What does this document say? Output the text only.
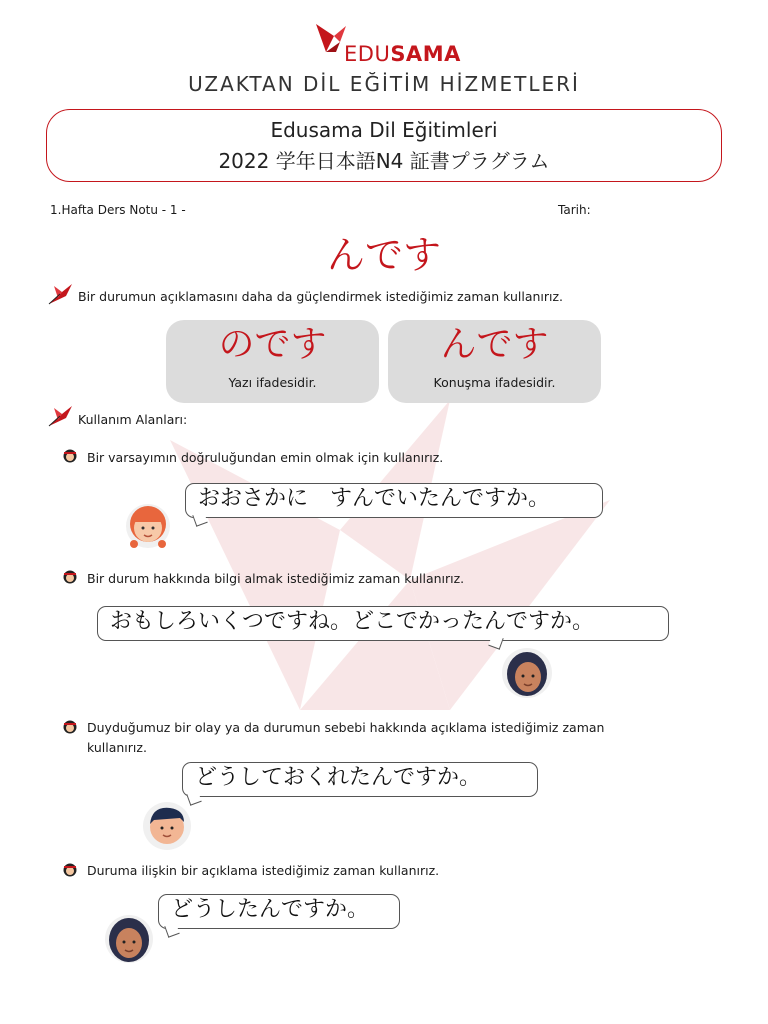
EDUSAMA
UZAKTAN DİL EĞİTİM HİZMETLERİ
Edusama Dil Eğitimleri
2022 学年日本語N4 証書プラグラム
1.Hafta Ders Notu - 1 -	Tarih:
んです
Bir durumun açıklamasını daha da güçlendirmek istediğimiz zaman kullanırız.
のです
Yazı ifadesidir.
んです
Konuşma ifadesidir.
Kullanım Alanları:
Bir varsayımın doğruluğundan emin olmak için kullanırız.
おおさかに　すんでいたんですか。
Bir durum hakkında bilgi almak istediğimiz zaman kullanırız.
おもしろいくつですね。どこでかったんですか。
Duyduğumuz bir olay ya da durumun sebebi hakkında açıklama istediğimiz zaman
kullanırız.
どうしておくれたんですか。
Duruma ilişkin bir açıklama istediğimiz zaman kullanırız.
どうしたんですか。
